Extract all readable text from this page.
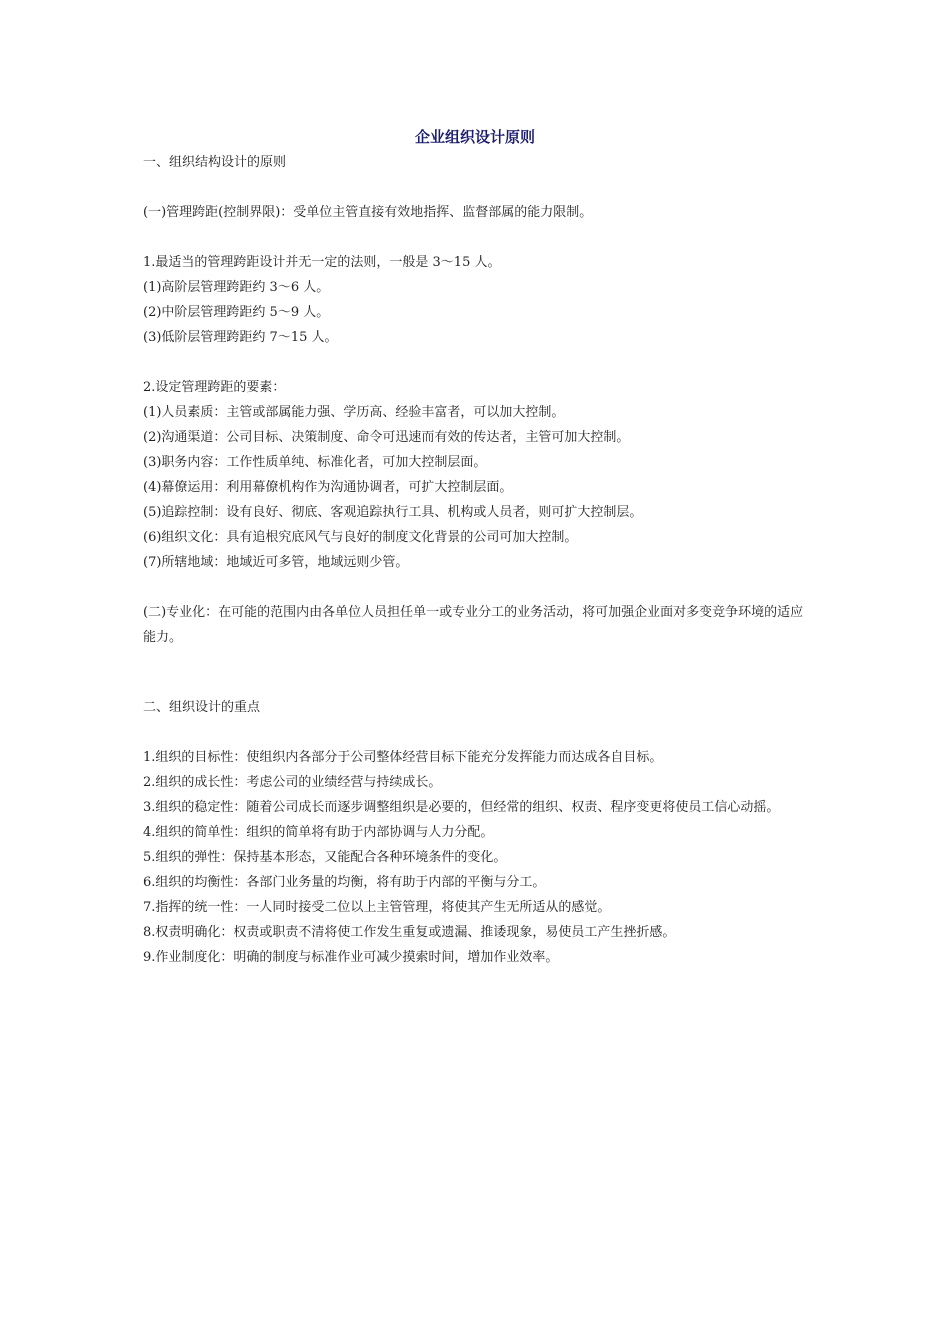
企业组织设计原则
一、组织结构设计的原则
(一)管理跨距(控制界限)：受单位主管直接有效地指挥、监督部属的能力限制。
1.最适当的管理跨距设计并无一定的法则，一般是 3～15 人。
(1)高阶层管理跨距约 3～6 人。
(2)中阶层管理跨距约 5～9 人。
(3)低阶层管理跨距约 7～15 人。
2.设定管理跨距的要素：
(1)人员素质：主管或部属能力强、学历高、经验丰富者，可以加大控制。
(2)沟通渠道：公司目标、决策制度、命令可迅速而有效的传达者，主管可加大控制。
(3)职务内容：工作性质单纯、标准化者，可加大控制层面。
(4)幕僚运用：利用幕僚机构作为沟通协调者，可扩大控制层面。
(5)追踪控制：设有良好、彻底、客观追踪执行工具、机构或人员者，则可扩大控制层。
(6)组织文化：具有追根究底风气与良好的制度文化背景的公司可加大控制。
(7)所辖地域：地域近可多管，地域远则少管。
(二)专业化：在可能的范围内由各单位人员担任单一或专业分工的业务活动，将可加强企业面对多变竞争环境的适应能力。
二、组织设计的重点
1.组织的目标性：使组织内各部分于公司整体经营目标下能充分发挥能力而达成各自目标。
2.组织的成长性：考虑公司的业绩经营与持续成长。
3.组织的稳定性：随着公司成长而逐步调整组织是必要的，但经常的组织、权责、程序变更将使员工信心动摇。
4.组织的简单性：组织的简单将有助于内部协调与人力分配。
5.组织的弹性：保持基本形态，又能配合各种环境条件的变化。
6.组织的均衡性：各部门业务量的均衡，将有助于内部的平衡与分工。
7.指挥的统一性：一人同时接受二位以上主管管理，将使其产生无所适从的感觉。
8.权责明确化：权责或职责不清将使工作发生重复或遗漏、推诿现象，易使员工产生挫折感。
9.作业制度化：明确的制度与标准作业可减少摸索时间，增加作业效率。
